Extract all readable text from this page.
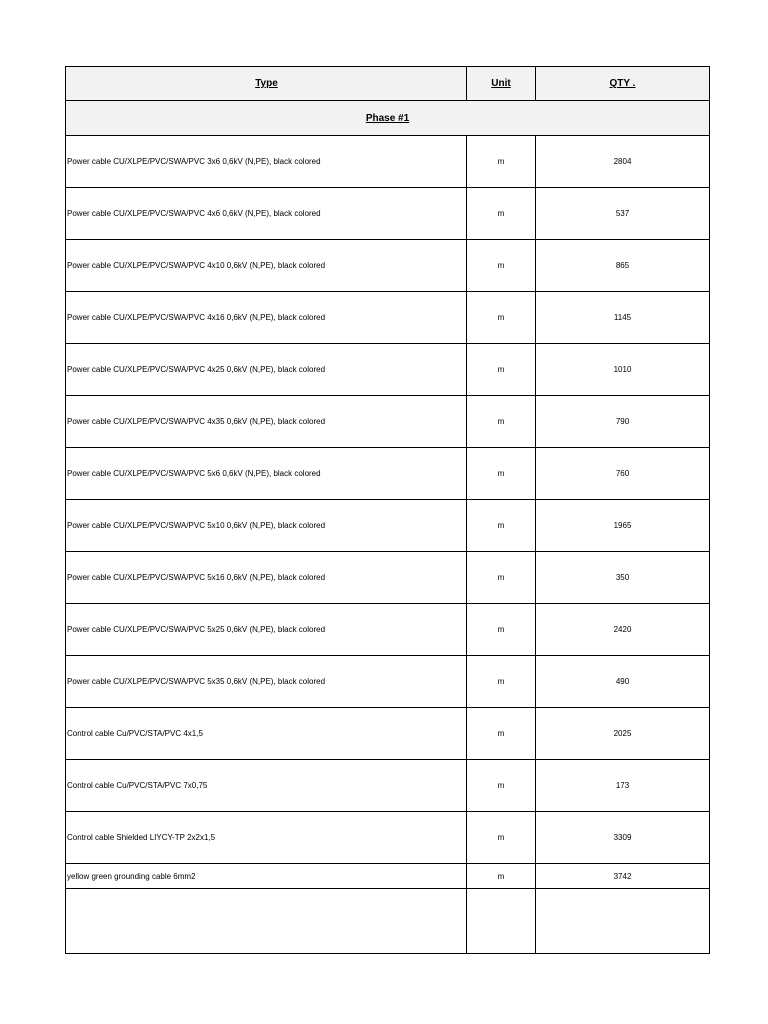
Type	Unit	QTY .
Phase #1
Power cable CU/XLPE/PVC/SWA/PVC 3x6 0,6kV (N,PE), black colored	m	2804
Power cable CU/XLPE/PVC/SWA/PVC 4x6 0,6kV (N,PE), black colored	m	537
Power cable CU/XLPE/PVC/SWA/PVC 4x10 0,6kV (N,PE), black colored	m	865
Power cable CU/XLPE/PVC/SWA/PVC 4x16 0,6kV (N,PE), black colored	m	1145
Power cable CU/XLPE/PVC/SWA/PVC 4x25 0,6kV (N,PE), black colored	m	1010
Power cable CU/XLPE/PVC/SWA/PVC 4x35 0,6kV (N,PE), black colored	m	790
Power cable CU/XLPE/PVC/SWA/PVC 5x6 0,6kV (N,PE), black colored	m	760
Power cable CU/XLPE/PVC/SWA/PVC 5x10 0,6kV (N,PE), black colored	m	1965
Power cable CU/XLPE/PVC/SWA/PVC 5x16 0,6kV (N,PE), black colored	m	350
Power cable CU/XLPE/PVC/SWA/PVC 5x25 0,6kV (N,PE), black colored	m	2420
Power cable CU/XLPE/PVC/SWA/PVC 5x35 0,6kV (N,PE), black colored	m	490
Control cable Cu/PVC/STA/PVC 4x1,5	m	2025
Control cable Cu/PVC/STA/PVC 7x0,75	m	173
Control cable Shielded LIYCY-TP 2x2x1,5	m	3309
yellow green grounding cable 6mm2	m	3742
